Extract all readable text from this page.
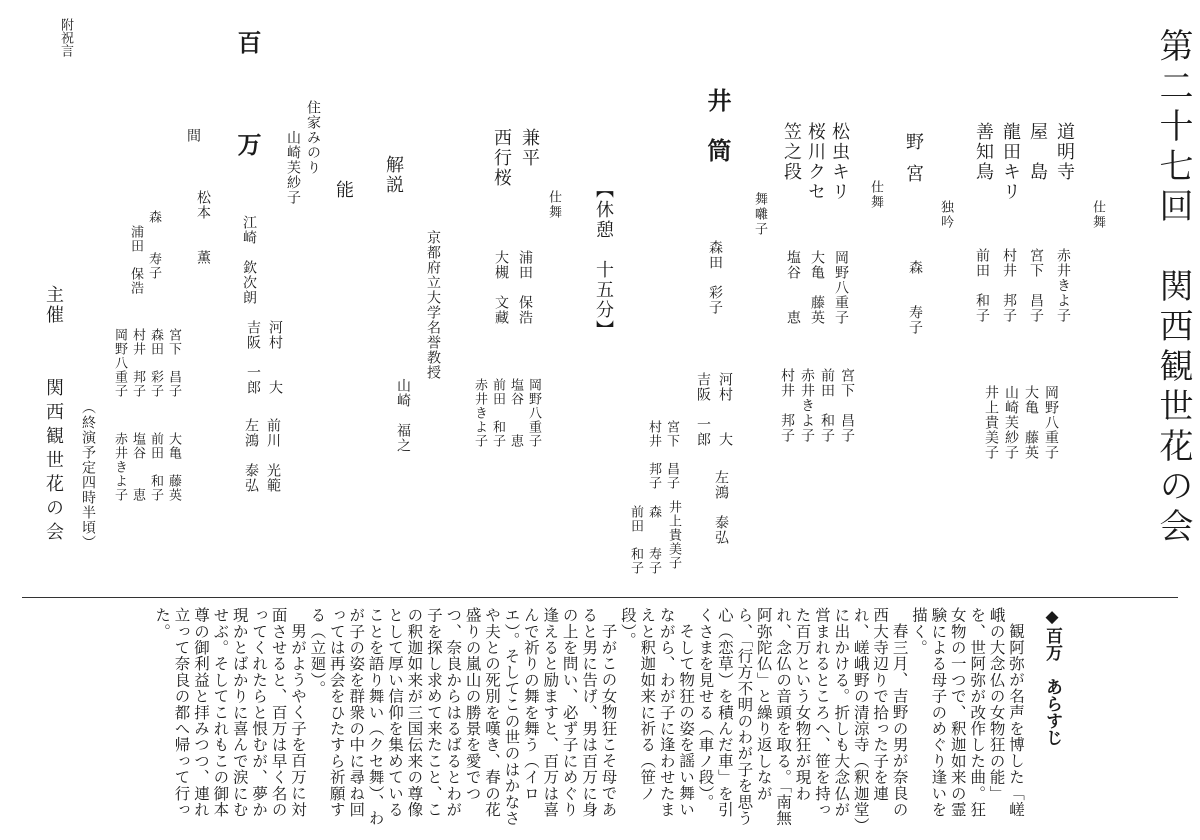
第二十七回　関西観世花の会
仕舞
道明寺
赤井きよ子
屋　島
宮下　昌子
龍田キリ
村井　邦子
善知鳥
前田　和子
岡野八重子
大亀　藤英
山崎芙紗子
井上貴美子
独吟
野宮
森　　寿子
仕舞
松虫キリ
岡野八重子
桜川クセ
大亀　藤英
笠之段
塩谷　　恵
宮下　昌子
前田　和子
赤井きよ子
村井　邦子
舞囃子
井筒
森田　彩子
河村　　大
吉阪　一郎
左鴻　泰弘
宮下　昌子
村井　邦子
前田　和子 井上貴美子
森　　寿子
【休憩　十五分】
仕舞
兼平
浦田　保浩
西行桜
大槻　文藏
岡野八重子
塩谷　　恵
前田　和子
赤井きよ子
解説
京都府立大学名誉教授
山崎　福之
能
住家みのり
山崎芙紗子
百
万
江崎　欽次朗
河村　　大
吉阪　一郎
前川　光範
左鴻　泰弘
間
松本　　薫
森　　寿子
浦田　保浩
宮下　昌子
森田　彩子
村井　邦子
岡野八重子
大亀　藤英
前田　和子
塩谷　　恵
赤井きよ子
附祝言
主催
関西観世花の会 （終演予定四時半頃）
◆百万　あらすじ

観阿弥が名声を博した「嵯峨の大念仏の女物狂の能」を、世阿弥が改作した曲。狂女物の一つで、釈迦如来の霊験による母子のめぐり逢いを描く。

春三月、吉野の男が奈良の西大寺辺りで拾った子を連れ、嵯峨野の清涼寺（釈迦堂）に出かける。折しも大念仏が営まれるところへ、笹を持った百万という女物狂が現われ、念仏の音頭を取る。「南無阿弥陀仏」と繰り返しながら、「行方不明のわが子を思う心（恋草）を積んだ車」を引くさまを見せる（車ノ段）。

そして物狂の姿を謡い舞いながら、わが子に逢わせたまえと釈迦如来に祈る（笹ノ段）。

子がこの女物狂こそ母であると男に告げ、男は百万に身の上を問い、必ず子にめぐり逢えると励ますと、百万は喜んで祈りの舞を舞う（イロエ）。そしてこの世のはかなさや夫との死別を嘆き、春の花盛りの嵐山の勝景を愛でつつ、奈良からはるばるとわが子を探し求めて来たこと、この釈迦如来が三国伝来の尊像として厚い信仰を集めていることを語り舞い（クセ舞）、わが子の姿を群衆の中に尋ね回っては再会をひたすら祈願する（立廻）。

男がようやく子を百万に対面させると、百万は早く名のってくれたらと恨むが、夢か現かとばかりに喜んで涙にむせぶ。そしてこれもこの御本尊の御利益と拝みつつ、連れ立って奈良の都へ帰って行った。
